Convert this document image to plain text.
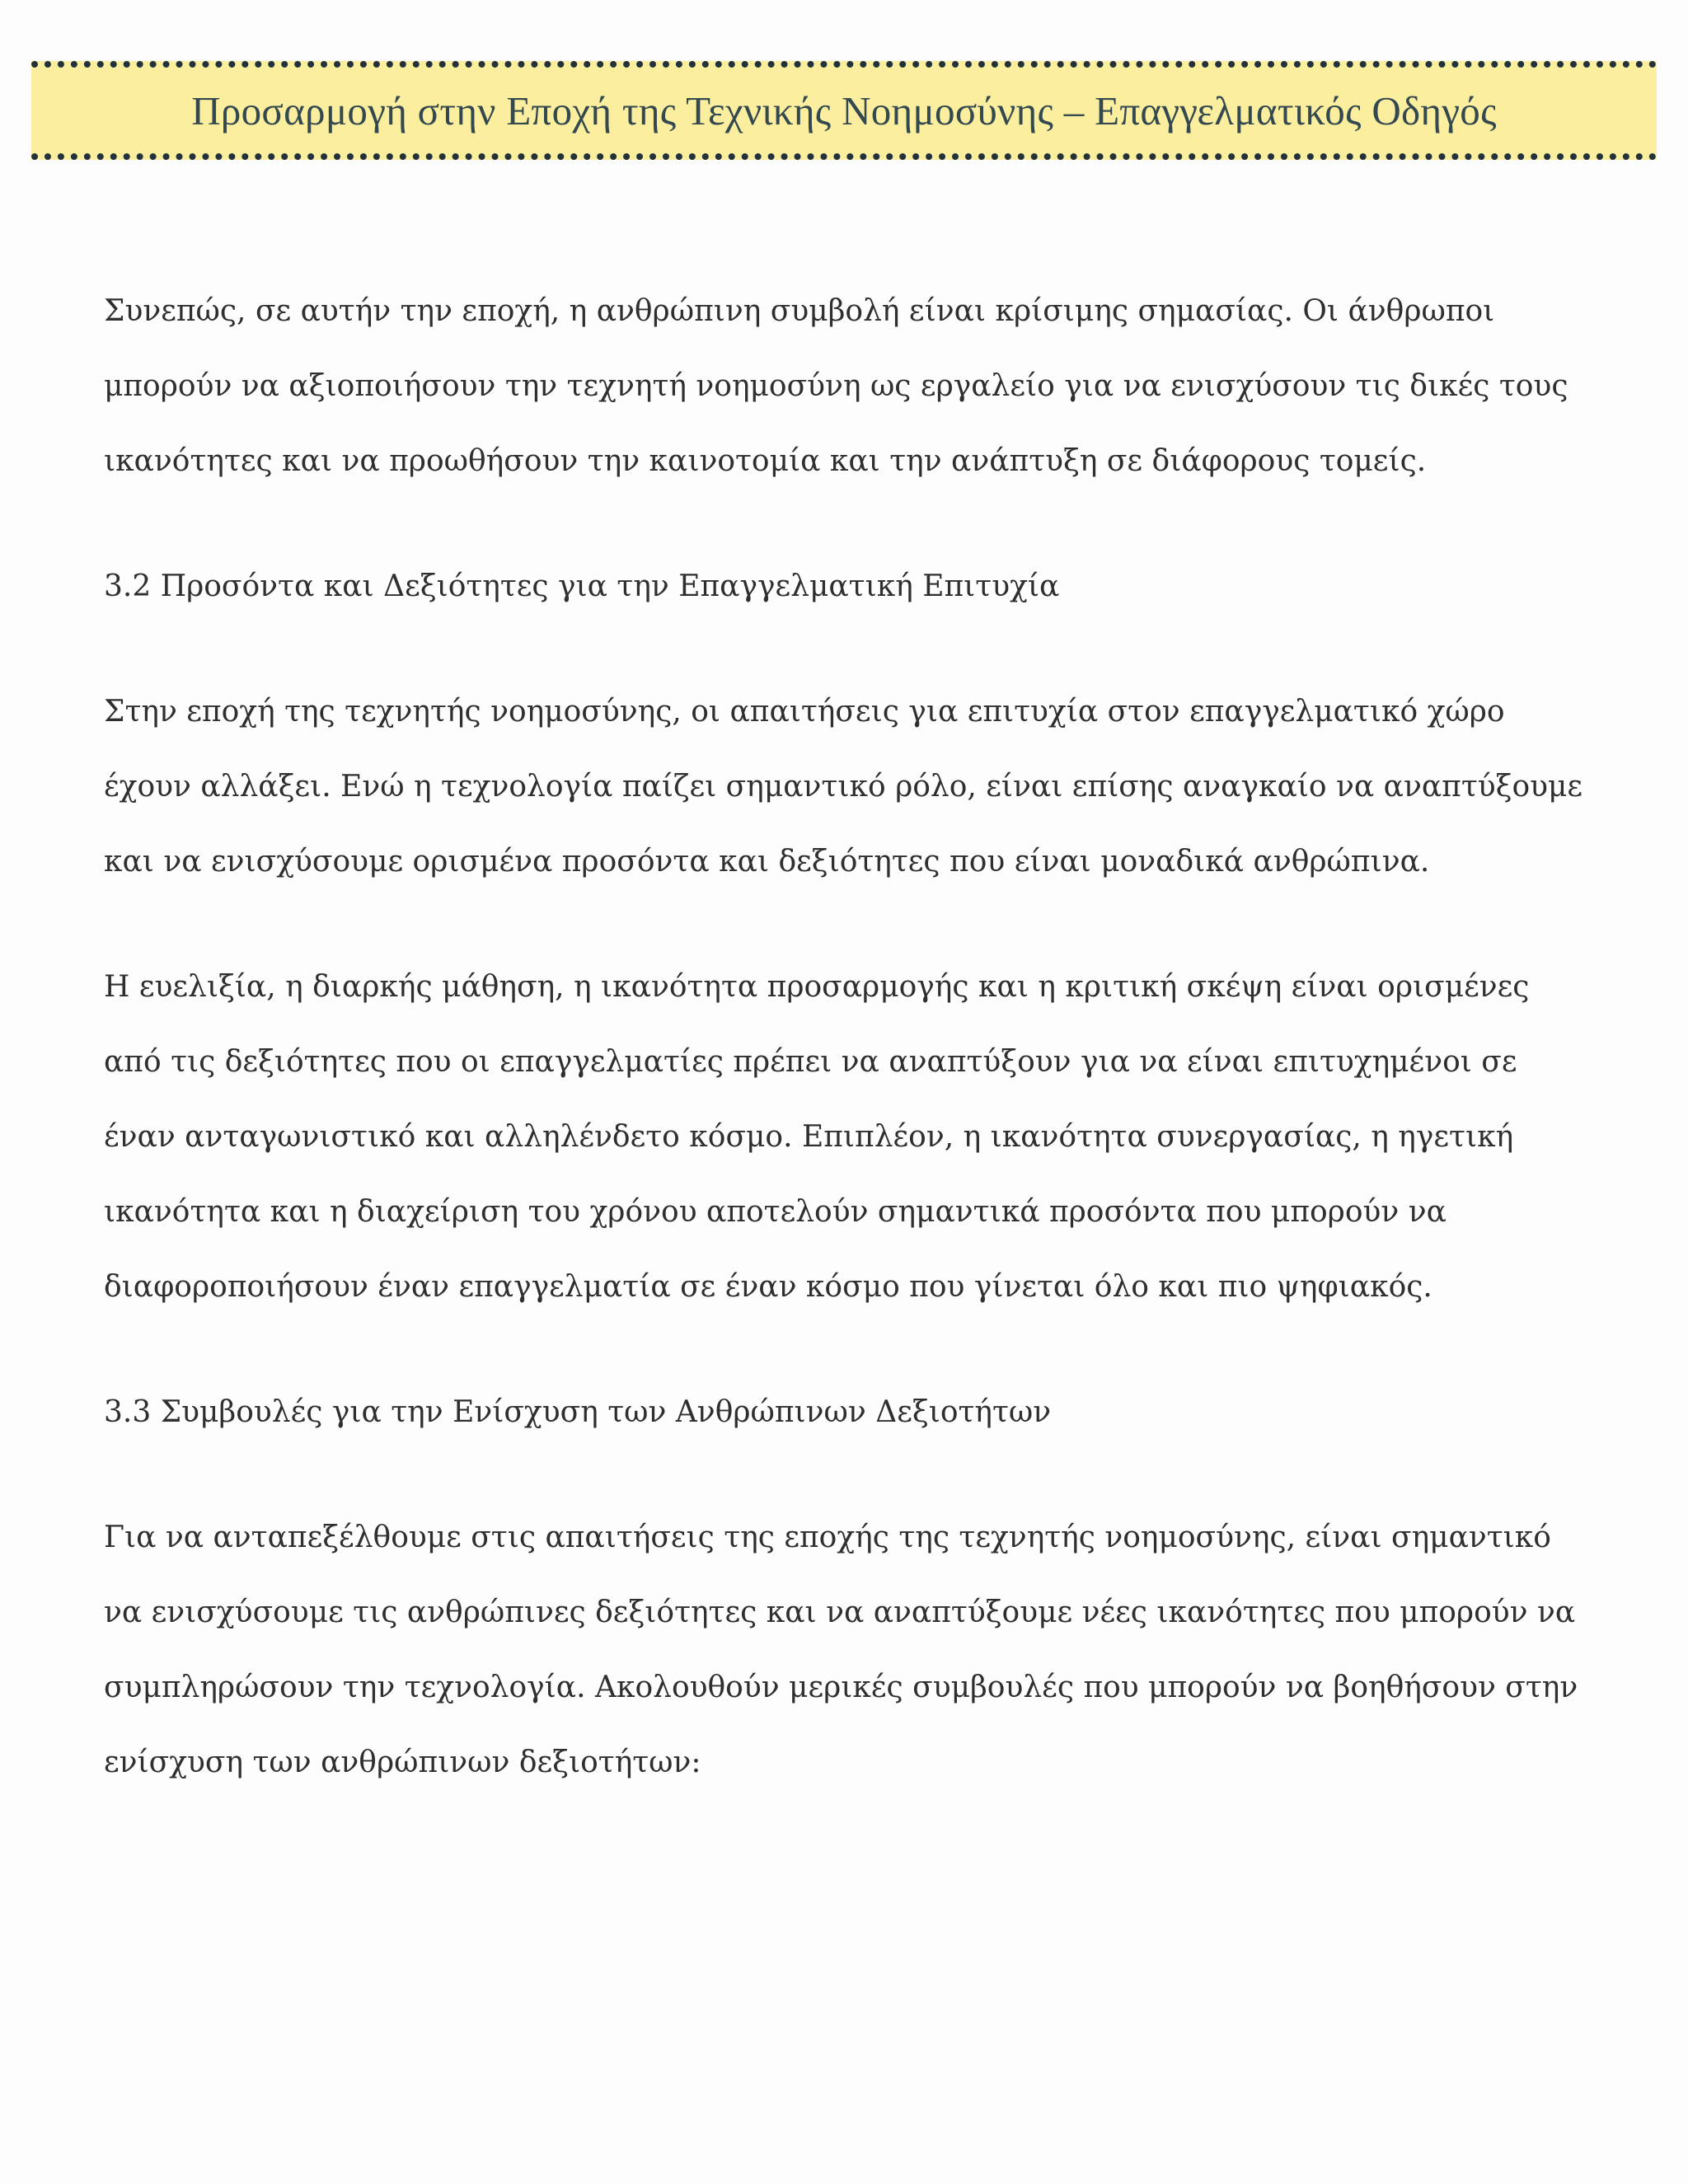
Προσαρμογή στην Εποχή της Τεχνικής Νοημοσύνης – Επαγγελματικός Οδηγός

Συνεπώς, σε αυτήν την εποχή, η ανθρώπινη συμβολή είναι κρίσιμης σημασίας. Οι άνθρωποι μπορούν να αξιοποιήσουν την τεχνητή νοημοσύνη ως εργαλείο για να ενισχύσουν τις δικές τους ικανότητες και να προωθήσουν την καινοτομία και την ανάπτυξη σε διάφορους τομείς.

3.2 Προσόντα και Δεξιότητες για την Επαγγελματική Επιτυχία

Στην εποχή της τεχνητής νοημοσύνης, οι απαιτήσεις για επιτυχία στον επαγγελματικό χώρο έχουν αλλάξει. Ενώ η τεχνολογία παίζει σημαντικό ρόλο, είναι επίσης αναγκαίο να αναπτύξουμε και να ενισχύσουμε ορισμένα προσόντα και δεξιότητες που είναι μοναδικά ανθρώπινα.

Η ευελιξία, η διαρκής μάθηση, η ικανότητα προσαρμογής και η κριτική σκέψη είναι ορισμένες από τις δεξιότητες που οι επαγγελματίες πρέπει να αναπτύξουν για να είναι επιτυχημένοι σε έναν ανταγωνιστικό και αλληλένδετο κόσμο. Επιπλέον, η ικανότητα συνεργασίας, η ηγετική ικανότητα και η διαχείριση του χρόνου αποτελούν σημαντικά προσόντα που μπορούν να διαφοροποιήσουν έναν επαγγελματία σε έναν κόσμο που γίνεται όλο και πιο ψηφιακός.

3.3 Συμβουλές για την Ενίσχυση των Ανθρώπινων Δεξιοτήτων

Για να ανταπεξέλθουμε στις απαιτήσεις της εποχής της τεχνητής νοημοσύνης, είναι σημαντικό να ενισχύσουμε τις ανθρώπινες δεξιότητες και να αναπτύξουμε νέες ικανότητες που μπορούν να συμπληρώσουν την τεχνολογία. Ακολουθούν μερικές συμβουλές που μπορούν να βοηθήσουν στην ενίσχυση των ανθρώπινων δεξιοτήτων:
